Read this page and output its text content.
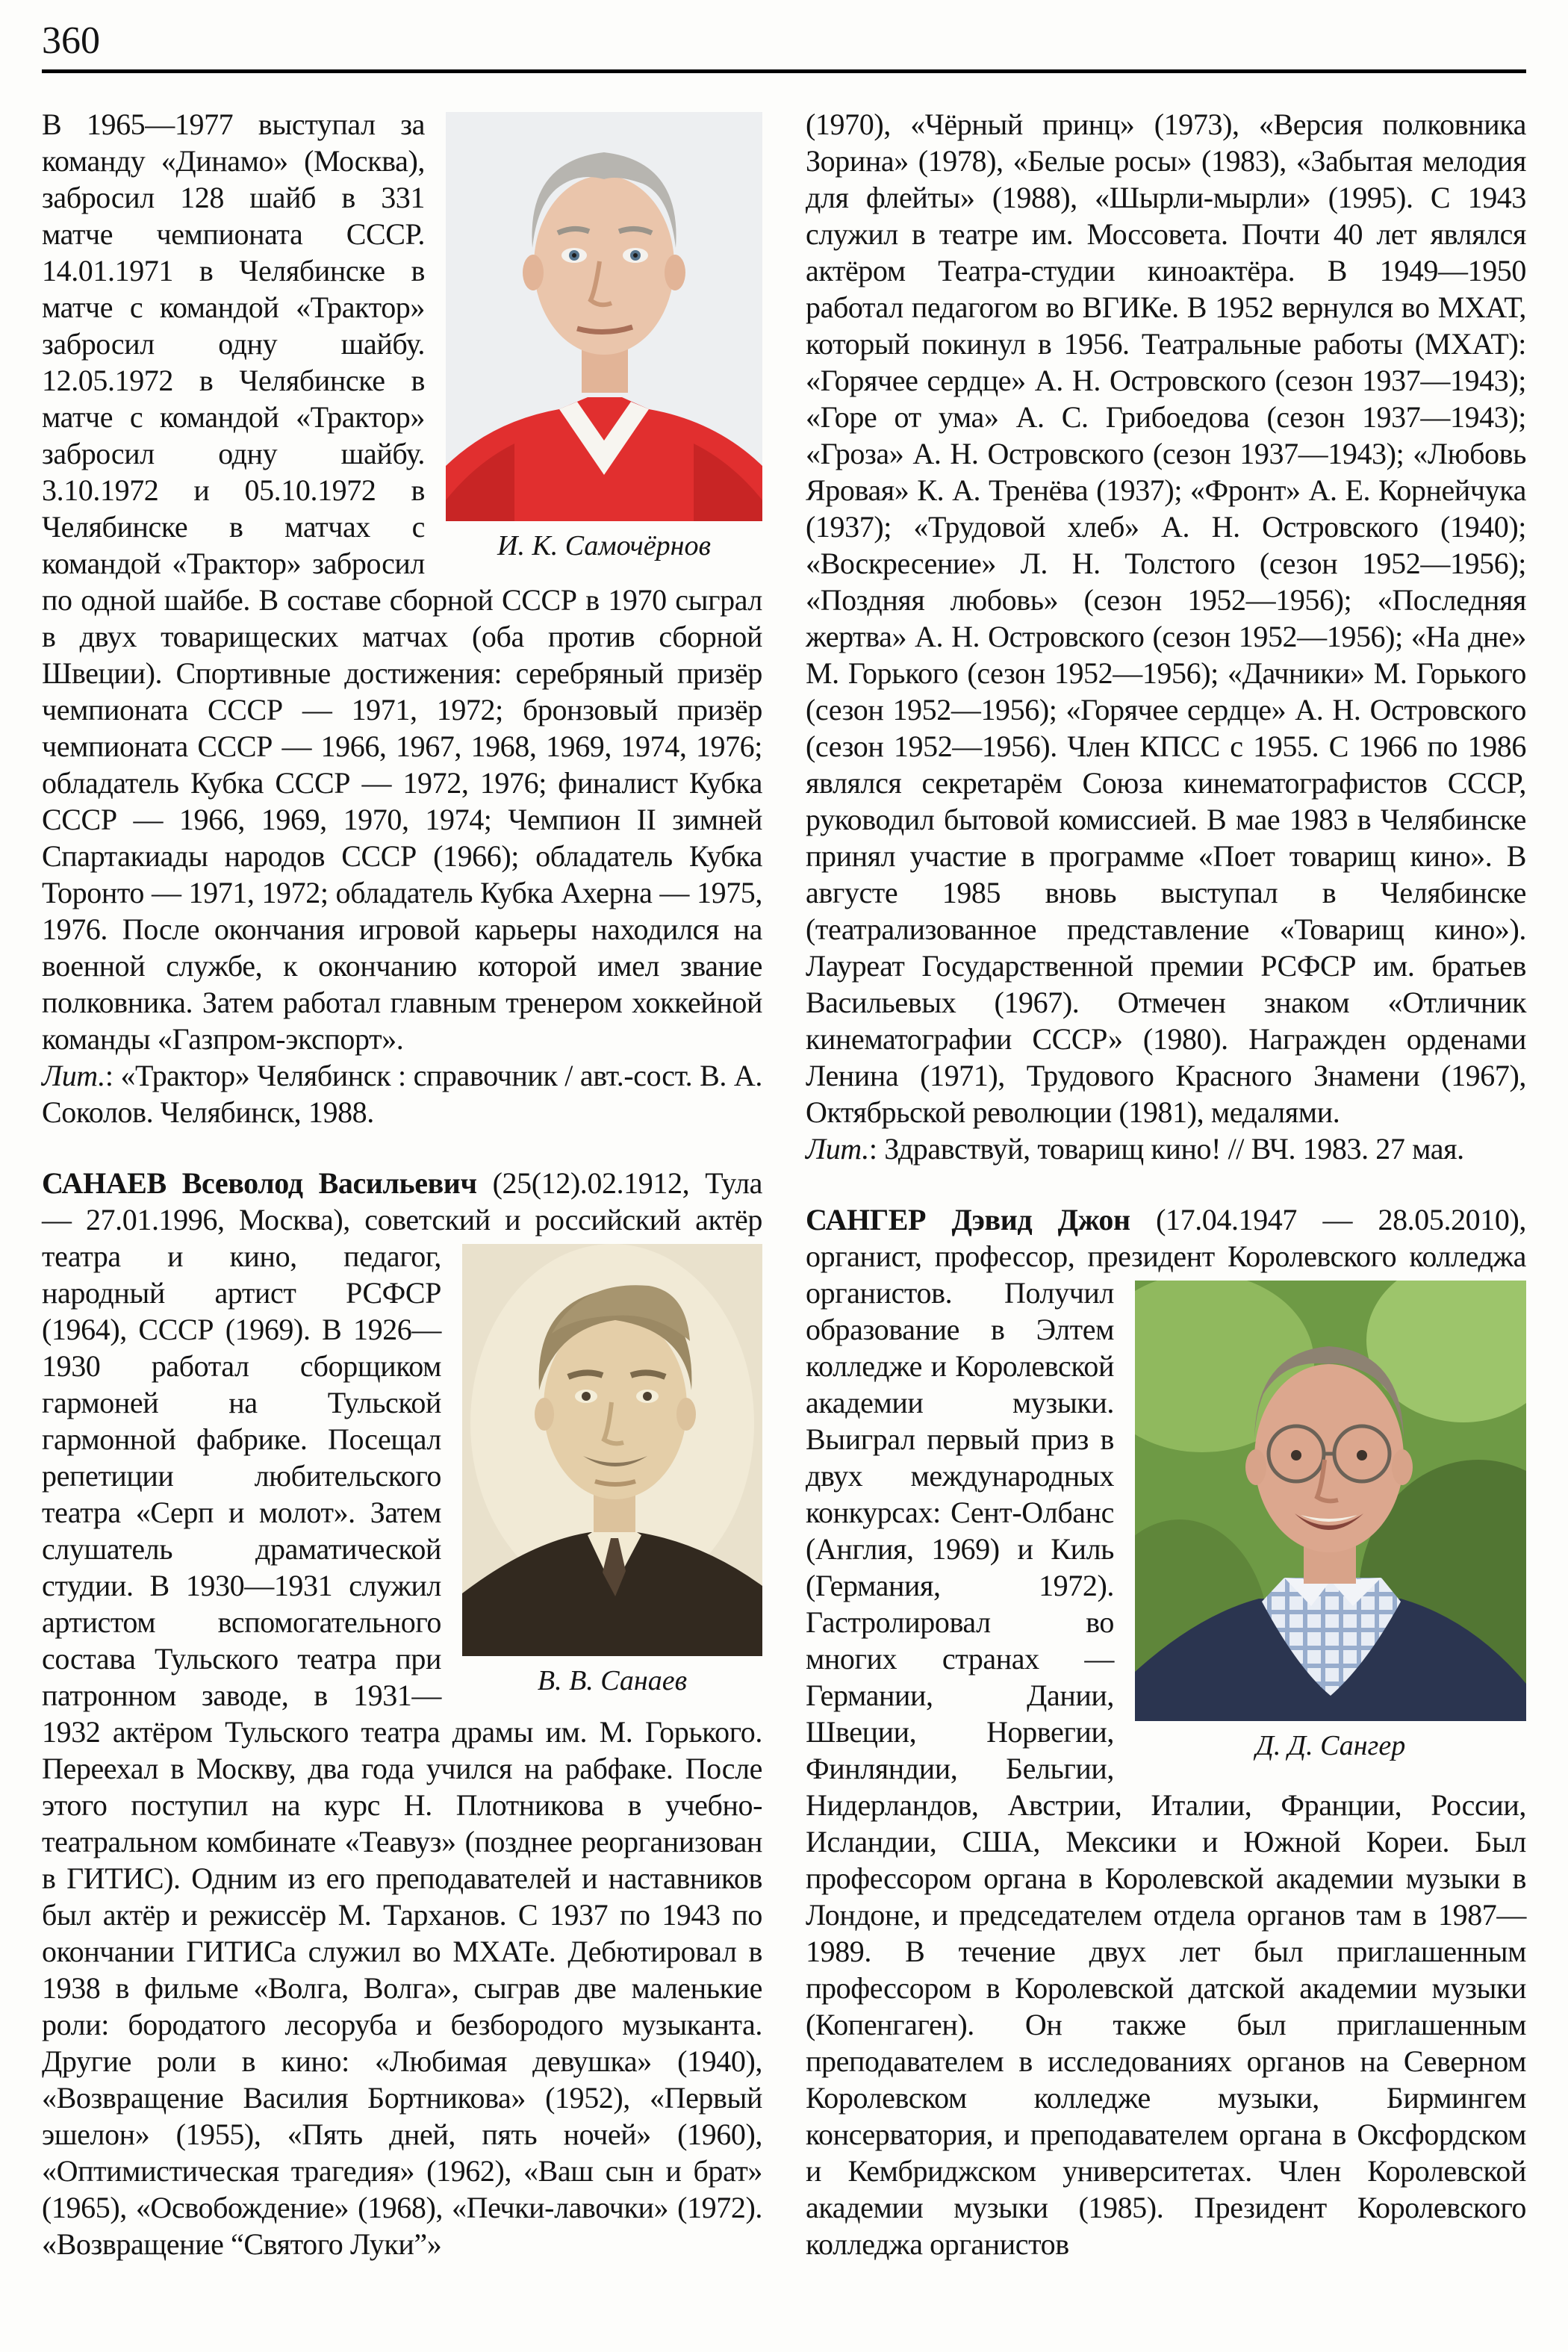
360

И. К. Самочёрнов
В 1965—1977 выступал за команду «Динамо» (Москва), забросил 128 шайб в 331 матче чемпионата СССР. 14.01.1971 в Челябинске в матче с командой «Трактор» забросил одну шайбу. 12.05.1972 в Челябинске в матче с командой «Трактор» забросил одну шайбу. 3.10.1972 и 05.10.1972 в Челябинске в матчах с командой «Трактор» забросил по одной шайбе. В составе сборной СССР в 1970 сыграл в двух товарищеских матчах (оба против сборной Швеции). Спортивные достижения: серебряный призёр чемпионата СССР — 1971, 1972; бронзовый призёр чемпионата СССР — 1966, 1967, 1968, 1969, 1974, 1976; обладатель Кубка СССР — 1972, 1976; финалист Кубка СССР — 1966, 1969, 1970, 1974; Чемпион II зимней Спартакиады народов СССР (1966); обладатель Кубка Торонто — 1971, 1972; обладатель Кубка Ахерна — 1975, 1976. После окончания игровой карьеры находился на военной службе, к окончанию которой имел звание полковника. Затем работал главным тренером хоккейной команды «Газпром-экспорт».

Лит.: «Трактор» Челябинск : справочник / авт.-сост. В. А. Соколов. Челябинск, 1988.

САНАЕВ Всеволод Васильевич (25(12).02.1912, Тула — 27.01.1996, Москва), советский и российский
В. В. Санаев
актёр театра и кино, педагог, народный артист РСФСР (1964), СССР (1969). В 1926—1930 работал сборщиком гармоней на Тульской гармонной фабрике. Посещал репетиции любительского театра «Серп и молот». Затем слушатель драматической студии. В 1930—1931 служил артистом вспомогательного состава Тульского театра при патронном заводе, в 1931—1932 актёром Тульского театра драмы им. М. Горького. Переехал в Москву, два года учился на рабфаке. После этого поступил на курс Н. Плотникова в учебно-театральном комбинате «Теавуз» (позднее реорганизован в ГИТИС). Одним из его преподавателей и наставников был актёр и режиссёр М. Тарханов. С 1937 по 1943 по окончании ГИТИСа служил во МХАТе. Дебютировал в 1938 в фильме «Волга, Волга», сыграв две маленькие роли: бородатого лесоруба и безбородого музыканта. Другие роли в кино: «Любимая девушка» (1940), «Возвращение Василия Бортникова» (1952), «Первый эшелон» (1955), «Пять дней, пять ночей» (1960), «Оптимистическая трагедия» (1962), «Ваш сын и брат» (1965), «Освобождение» (1968), «Печки-лавочки» (1972). «Возвращение “Святого Луки”»

(1970), «Чёрный принц» (1973), «Версия полковника Зорина» (1978), «Белые росы» (1983), «Забытая мелодия для флейты» (1988), «Шырли-мырли» (1995). С 1943 служил в театре им. Моссовета. Почти 40 лет являлся актёром Театра-студии киноактёра. В 1949—1950 работал педагогом во ВГИКе. В 1952 вернулся во МХАТ, который покинул в 1956. Театральные работы (МХАТ): «Горячее сердце» А. Н. Островского (сезон 1937—1943); «Горе от ума» А. С. Грибоедова (сезон 1937—1943); «Гроза» А. Н. Островского (сезон 1937—1943); «Любовь Яровая» К. А. Тренёва (1937); «Фронт» А. Е. Корнейчука (1937); «Трудовой хлеб» А. Н. Островского (1940); «Воскресение» Л. Н. Толстого (сезон 1952—1956); «Поздняя любовь» (сезон 1952—1956); «Последняя жертва» А. Н. Островского (сезон 1952—1956); «На дне» М. Горького (сезон 1952—1956); «Дачники» М. Горького (сезон 1952—1956); «Горячее сердце» А. Н. Островского (сезон 1952—1956). Член КПСС с 1955. С 1966 по 1986 являлся секретарём Союза кинематографистов СССР, руководил бытовой комиссией. В мае 1983 в Челябинске принял участие в программе «Поет товарищ кино». В августе 1985 вновь выступал в Челябинске (театрализованное представление «Товарищ кино»). Лауреат Государственной премии РСФСР им. братьев Васильевых (1967). Отмечен знаком «Отличник кинематографии СССР» (1980). Награжден орденами Ленина (1971), Трудового Красного Знамени (1967), Октябрьской революции (1981), медалями.

Лит.: Здравствуй, товарищ кино! // ВЧ. 1983. 27 мая.

САНГЕР Дэвид Джон (17.04.1947 — 28.05.2010), органист, профессор, президент Королевского
Д. Д. Сангер
колледжа органистов. Получил образование в Элтем колледже и Королевской академии музыки. Выиграл первый приз в двух международных конкурсах: Сент-Олбанс (Англия, 1969) и Киль (Германия, 1972). Гастролировал во многих странах — Германии, Дании, Швеции, Норвегии, Финляндии, Бельгии, Нидерландов, Австрии, Италии, Франции, России, Исландии, США, Мексики и Южной Кореи. Был профессором органа в Королевской академии музыки в Лондоне, и председателем отдела органов там в 1987—1989. В течение двух лет был приглашенным профессором в Королевской датской академии музыки (Копенгаген). Он также был приглашенным преподавателем в исследованиях органов на Северном Королевском колледже музыки, Бирмингем консерватория, и преподавателем органа в Оксфордском и Кембриджском университетах. Член Королевской академии музыки (1985). Президент Королевского колледжа органистов
